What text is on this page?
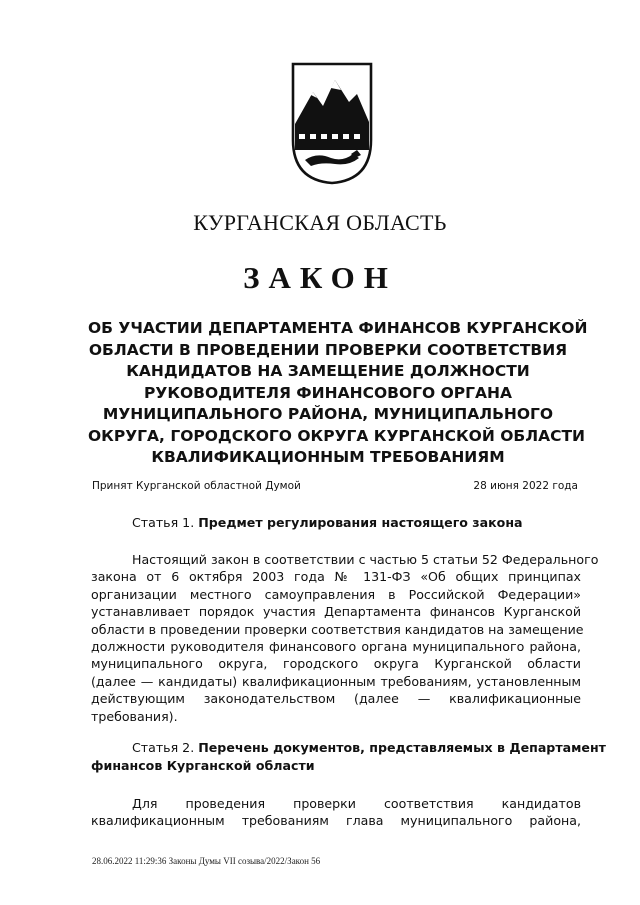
КУРГАНСКАЯ ОБЛАСТЬ
ЗАКОН
ОБ УЧАСТИИ ДЕПАРТАМЕНТА ФИНАНСОВ КУРГАНСКОЙ
ОБЛАСТИ В ПРОВЕДЕНИИ ПРОВЕРКИ СООТВЕТСТВИЯ
КАНДИДАТОВ НА ЗАМЕЩЕНИЕ ДОЛЖНОСТИ
РУКОВОДИТЕЛЯ ФИНАНСОВОГО ОРГАНА
МУНИЦИПАЛЬНОГО РАЙОНА, МУНИЦИПАЛЬНОГО
ОКРУГА, ГОРОДСКОГО ОКРУГА КУРГАНСКОЙ ОБЛАСТИ
КВАЛИФИКАЦИОННЫМ ТРЕБОВАНИЯМ
Принят Курганской областной Думой	28 июня 2022 года
Статья 1. Предмет регулирования настоящего закона
Настоящий закон в соответствии с частью 5 статьи 52 Федерального
закона от 6 октября 2003 года № 131-ФЗ «Об общих принципах
организации местного самоуправления в Российской Федерации»
устанавливает порядок участия Департамента финансов Курганской
области в проведении проверки соответствия кандидатов на замещение
должности руководителя финансового органа муниципального района,
муниципального округа, городского округа Курганской области
(далее — кандидаты) квалификационным требованиям, установленным
действующим законодательством (далее — квалификационные
требования).
Статья 2. Перечень документов, представляемых в Департамент
финансов Курганской области
Для проведения проверки соответствия кандидатов
квалификационным требованиям глава муниципального района,
28.06.2022 11:29:36 Законы Думы VII созыва/2022/Закон 56
